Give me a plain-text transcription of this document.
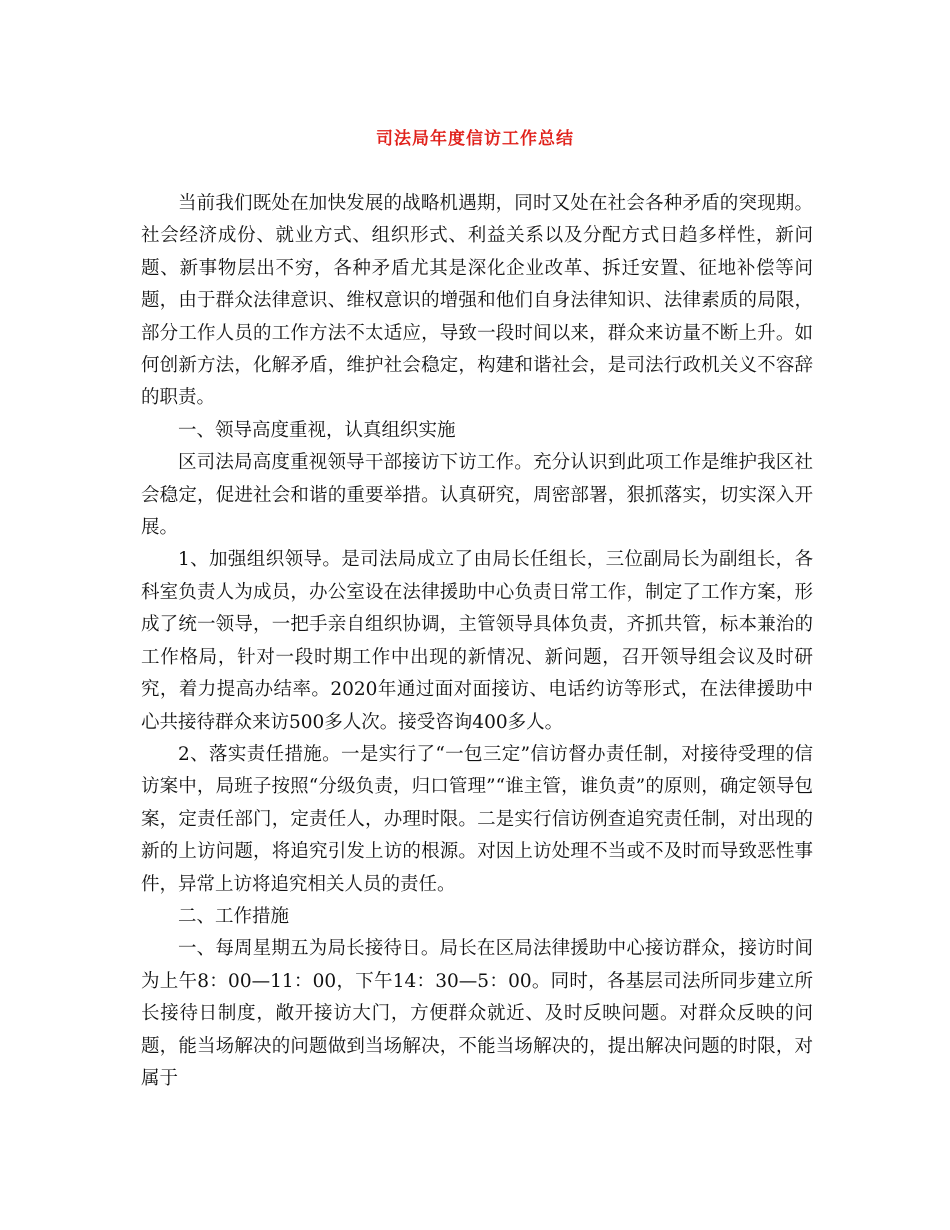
司法局年度信访工作总结

当前我们既处在加快发展的战略机遇期，同时又处在社会各种矛盾的突现期。社会经济成份、就业方式、组织形式、利益关系以及分配方式日趋多样性，新问题、新事物层出不穷，各种矛盾尤其是深化企业改革、拆迁安置、征地补偿等问题，由于群众法律意识、维权意识的增强和他们自身法律知识、法律素质的局限，部分工作人员的工作方法不太适应，导致一段时间以来，群众来访量不断上升。如何创新方法，化解矛盾，维护社会稳定，构建和谐社会，是司法行政机关义不容辞的职责。

一、领导高度重视，认真组织实施

区司法局高度重视领导干部接访下访工作。充分认识到此项工作是维护我区社会稳定，促进社会和谐的重要举措。认真研究，周密部署，狠抓落实，切实深入开展。

1、加强组织领导。是司法局成立了由局长任组长，三位副局长为副组长，各科室负责人为成员，办公室设在法律援助中心负责日常工作，制定了工作方案，形成了统一领导，一把手亲自组织协调，主管领导具体负责，齐抓共管，标本兼治的工作格局，针对一段时期工作中出现的新情况、新问题，召开领导组会议及时研究，着力提高办结率。2020年通过面对面接访、电话约访等形式，在法律援助中心共接待群众来访500多人次。接受咨询400多人。

2、落实责任措施。一是实行了“一包三定”信访督办责任制，对接待受理的信访案中，局班子按照“分级负责，归口管理”“谁主管，谁负责”的原则，确定领导包案，定责任部门，定责任人，办理时限。二是实行信访例查追究责任制，对出现的新的上访问题，将追究引发上访的根源。对因上访处理不当或不及时而导致恶性事件，异常上访将追究相关人员的责任。

二、工作措施

一、每周星期五为局长接待日。局长在区局法律援助中心接访群众，接访时间为上午8：00—11：00，下午14：30—5：00。同时，各基层司法所同步建立所长接待日制度，敞开接访大门，方便群众就近、及时反映问题。对群众反映的问题，能当场解决的问题做到当场解决，不能当场解决的，提出解决问题的时限，对属于
